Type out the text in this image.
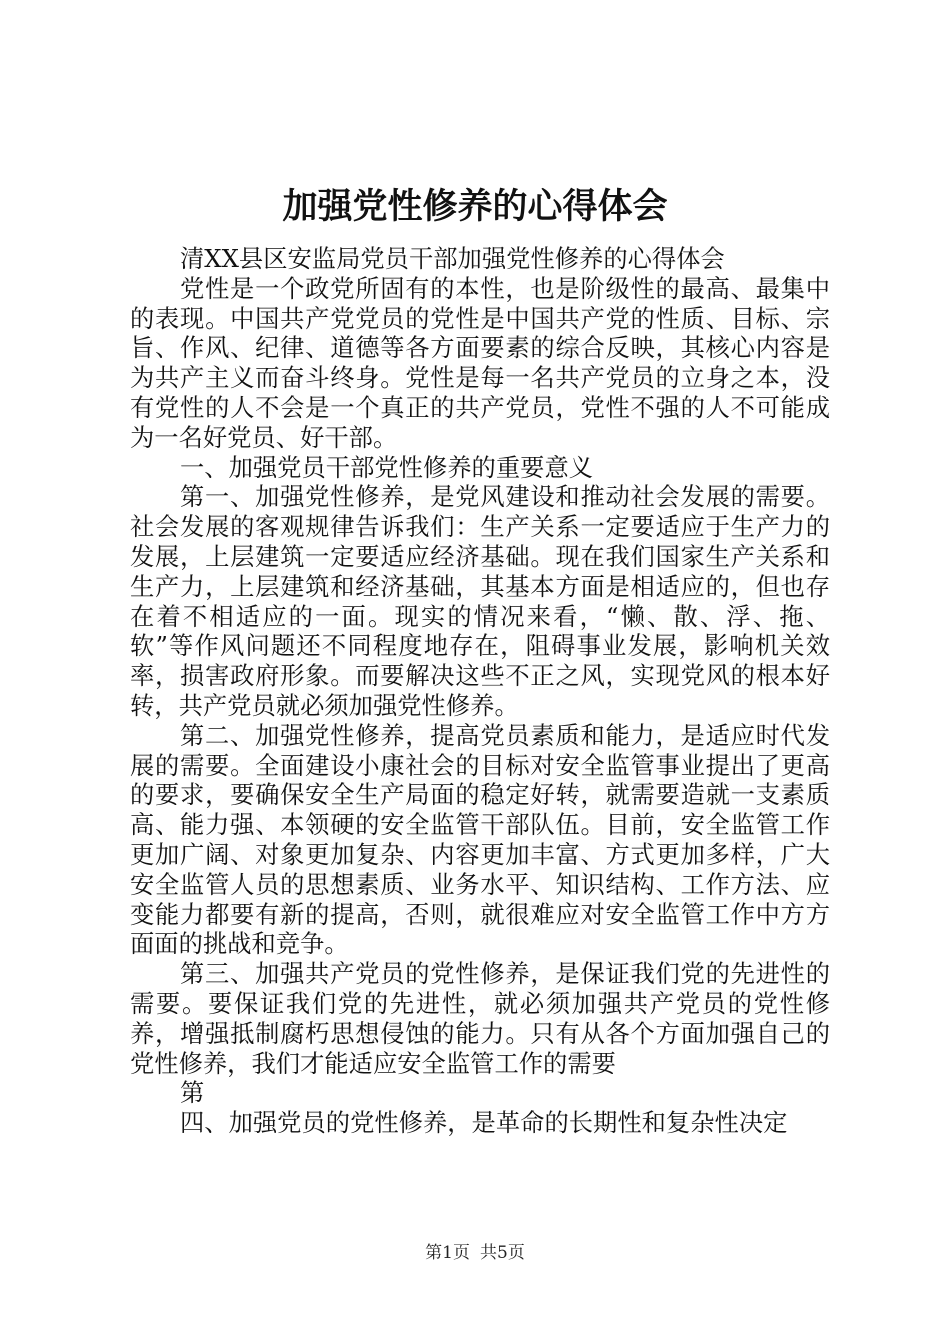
加强党性修养的心得体会

清XX县区安监局党员干部加强党性修养的心得体会

党性是一个政党所固有的本性，也是阶级性的最高、最集中的表现。中国共产党党员的党性是中国共产党的性质、目标、宗旨、作风、纪律、道德等各方面要素的综合反映，其核心内容是为共产主义而奋斗终身。党性是每一名共产党员的立身之本，没有党性的人不会是一个真正的共产党员，党性不强的人不可能成为一名好党员、好干部。

一、加强党员干部党性修养的重要意义

第一、加强党性修养，是党风建设和推动社会发展的需要。社会发展的客观规律告诉我们：生产关系一定要适应于生产力的发展，上层建筑一定要适应经济基础。现在我们国家生产关系和生产力，上层建筑和经济基础，其基本方面是相适应的，但也存在着不相适应的一面。现实的情况来看，“懒、散、浮、拖、软”等作风问题还不同程度地存在，阻碍事业发展，影响机关效率，损害政府形象。而要解决这些不正之风，实现党风的根本好转，共产党员就必须加强党性修养。

第二、加强党性修养，提高党员素质和能力，是适应时代发展的需要。全面建设小康社会的目标对安全监管事业提出了更高的要求，要确保安全生产局面的稳定好转，就需要造就一支素质高、能力强、本领硬的安全监管干部队伍。目前，安全监管工作更加广阔、对象更加复杂、内容更加丰富、方式更加多样，广大安全监管人员的思想素质、业务水平、知识结构、工作方法、应变能力都要有新的提高，否则，就很难应对安全监管工作中方方面面的挑战和竞争。

第三、加强共产党员的党性修养，是保证我们党的先进性的需要。要保证我们党的先进性，就必须加强共产党员的党性修养，增强抵制腐朽思想侵蚀的能力。只有从各个方面加强自己的党性修养，我们才能适应安全监管工作的需要

第

四、加强党员的党性修养，是革命的长期性和复杂性决定

第1页 共5页
